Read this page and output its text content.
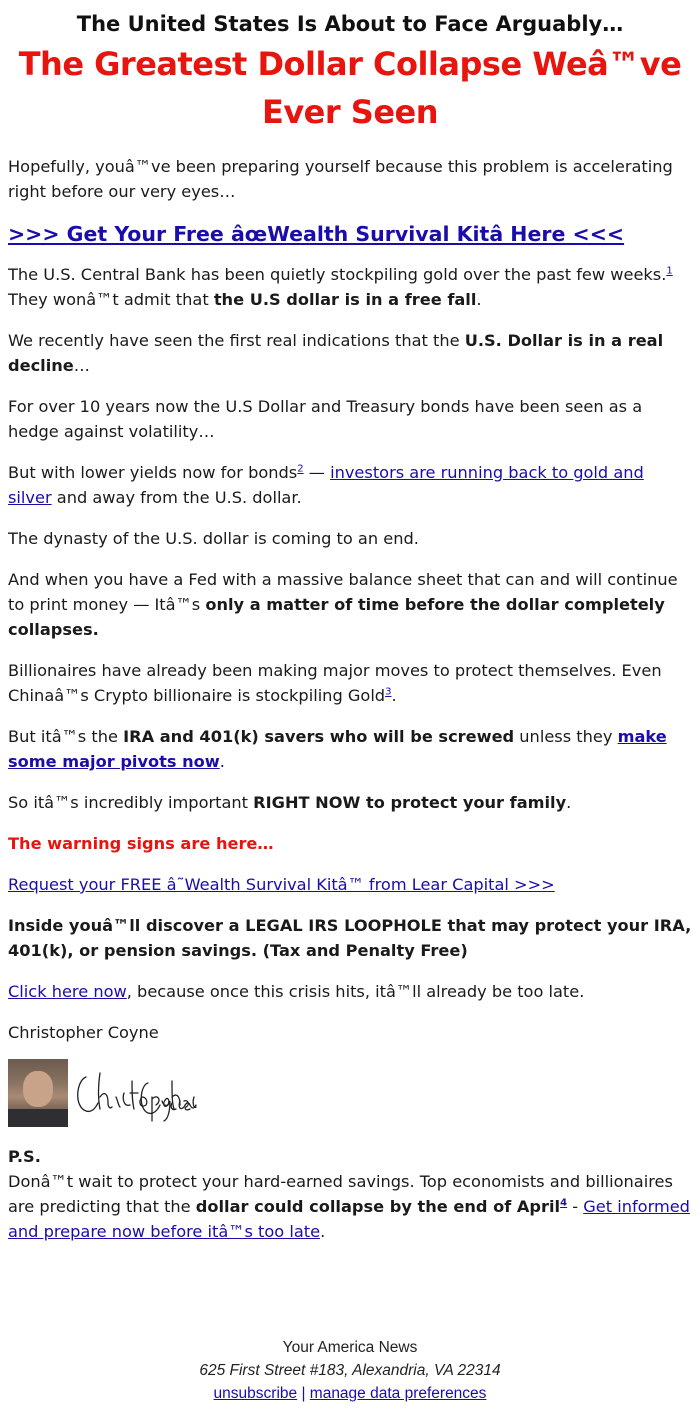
The United States Is About to Face Arguably…
The Greatest Dollar Collapse Weâ™ve Ever Seen

Hopefully, youâ™ve been preparing yourself because this problem is accelerating right before our very eyes…

>>> Get Your Free âœWealth Survival Kitâ Here <<<

The U.S. Central Bank has been quietly stockpiling gold over the past few weeks.$^1$ They wonâ™t admit that the U.S dollar is in a free fall.

We recently have seen the first real indications that the U.S. Dollar is in a real decline…

For over 10 years now the U.S Dollar and Treasury bonds have been seen as a hedge against volatility…

But with lower yields now for bonds$^2$ — investors are running back to gold and silver and away from the U.S. dollar.

The dynasty of the U.S. dollar is coming to an end.

And when you have a Fed with a massive balance sheet that can and will continue to print money — Itâ™s only a matter of time before the dollar completely collapses.

Billionaires have already been making major moves to protect themselves. Even Chinaâ™s Crypto billionaire is stockpiling Gold$^3$.

But itâ™s the IRA and 401(k) savers who will be screwed unless they make some major pivots now.

So itâ™s incredibly important RIGHT NOW to protect your family.

The warning signs are here…

Request your FREE â˜Wealth Survival Kitâ™ from Lear Capital >>>

Inside youâ™ll discover a LEGAL IRS LOOPHOLE that may protect your IRA, 401(k), or pension savings. (Tax and Penalty Free)

Click here now, because once this crisis hits, itâ™ll already be too late.

Christopher Coyne

Christopher Coyne
P.S.

Donâ™t wait to protect your hard-earned savings. Top economists and billionaires are predicting that the dollar could collapse by the end of April$^4$ - Get informed and prepare now before itâ™s too late.

Your America News
625 First Street #183, Alexandria, VA 22314
unsubscribe | manage data preferences
